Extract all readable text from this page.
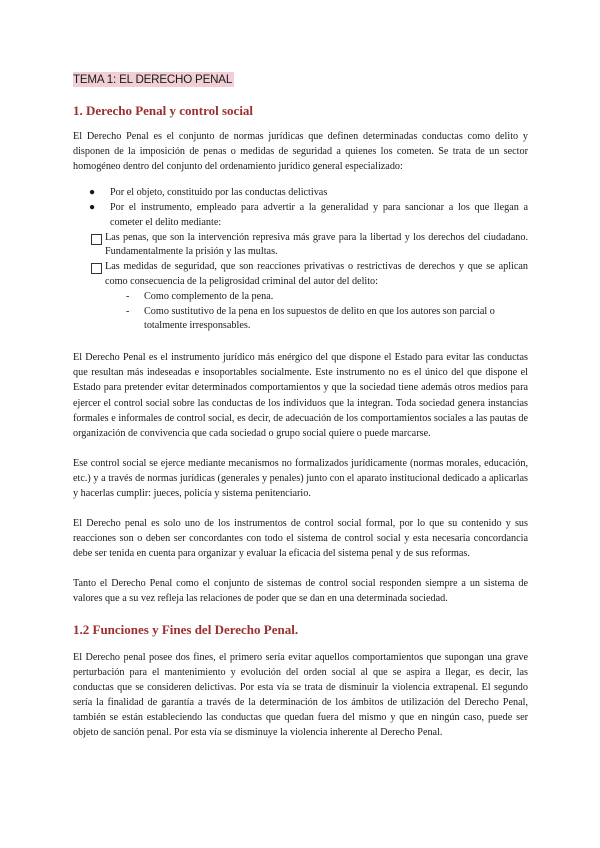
TEMA 1: EL DERECHO PENAL
1. Derecho Penal y control social

El Derecho Penal es el conjunto de normas jurídicas que definen determinadas conductas como delito y disponen de la imposición de penas o medidas de seguridad a quienes los cometen. Se trata de un sector homogéneo dentro del conjunto del ordenamiento jurídico general especializado:

● Por el objeto, constituido por las conductas delictivas
● Por el instrumento, empleado para advertir a la generalidad y para sancionar a los que llegan a cometer el delito mediante:
Las penas, que son la intervención represiva más grave para la libertad y los derechos del ciudadano. Fundamentalmente la prisión y las multas.
Las medidas de seguridad, que son reacciones privativas o restrictivas de derechos y que se aplican como consecuencia de la peligrosidad criminal del autor del delito:
- Como complemento de la pena.
- Como sustitutivo de la pena en los supuestos de delito en que los autores son parcial o totalmente irresponsables.

El Derecho Penal es el instrumento jurídico más enérgico del que dispone el Estado para evitar las conductas que resultan más indeseadas e insoportables socialmente. Este instrumento no es el único del que dispone el Estado para pretender evitar determinados comportamientos y que la sociedad tiene además otros medios para ejercer el control social sobre las conductas de los individuos que la integran. Toda sociedad genera instancias formales e informales de control social, es decir, de adecuación de los comportamientos sociales a las pautas de organización de convivencia que cada sociedad o grupo social quiere o puede marcarse.

Ese control social se ejerce mediante mecanismos no formalizados jurídicamente (normas morales, educación, etc.) y a través de normas jurídicas (generales y penales) junto con el aparato institucional dedicado a aplicarlas y hacerlas cumplir: jueces, policía y sistema penitenciario.

El Derecho penal es solo uno de los instrumentos de control social formal, por lo que su contenido y sus reacciones son o deben ser concordantes con todo el sistema de control social y esta necesaria concordancia debe ser tenida en cuenta para organizar y evaluar la eficacia del sistema penal y de sus reformas.

Tanto el Derecho Penal como el conjunto de sistemas de control social responden siempre a un sistema de valores que a su vez refleja las relaciones de poder que se dan en una determinada sociedad.

1.2 Funciones y Fines del Derecho Penal.

El Derecho penal posee dos fines, el primero sería evitar aquellos comportamientos que supongan una grave perturbación para el mantenimiento y evolución del orden social al que se aspira a llegar, es decir, las conductas que se consideren delictivas. Por esta vía se trata de disminuir la violencia extrapenal. El segundo sería la finalidad de garantía a través de la determinación de los ámbitos de utilización del Derecho Penal, también se están estableciendo las conductas que quedan fuera del mismo y que en ningún caso, puede ser objeto de sanción penal. Por esta vía se disminuye la violencia inherente al Derecho Penal.
